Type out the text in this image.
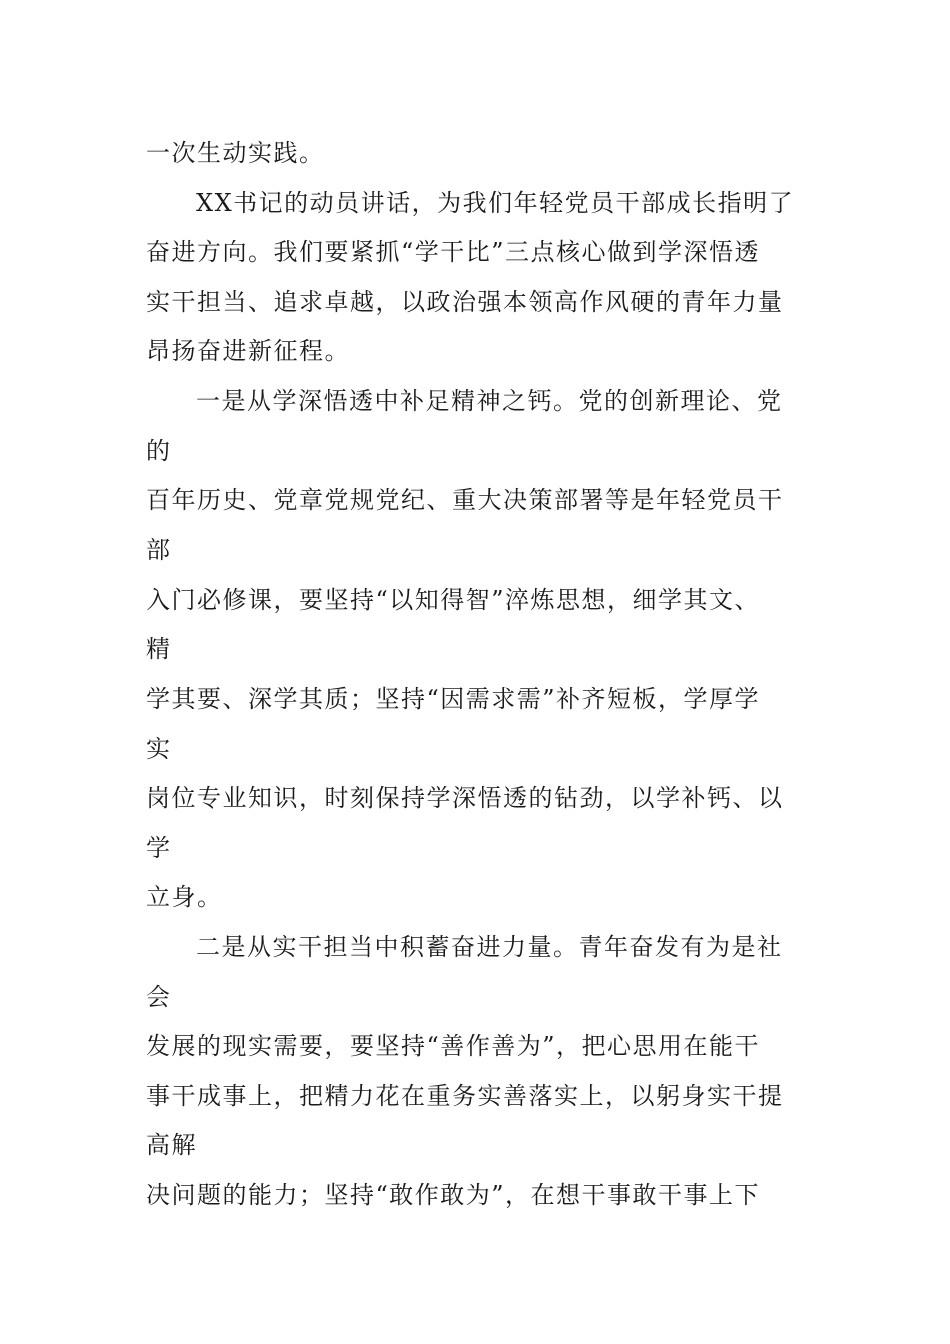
一次生动实践。
XX书记的动员讲话，为我们年轻党员干部成长指明了
奋进方向。我们要紧抓“学干比”三点核心做到学深悟透
实干担当、追求卓越，以政治强本领高作风硬的青年力量
昂扬奋进新征程。
一是从学深悟透中补足精神之钙。党的创新理论、党
的
百年历史、党章党规党纪、重大决策部署等是年轻党员干
部
入门必修课，要坚持“以知得智”淬炼思想，细学其文、
精
学其要、深学其质；坚持“因需求需”补齐短板，学厚学
实
岗位专业知识，时刻保持学深悟透的钻劲，以学补钙、以
学
立身。
二是从实干担当中积蓄奋进力量。青年奋发有为是社
会
发展的现实需要，要坚持“善作善为”，把心思用在能干
事干成事上，把精力花在重务实善落实上，以躬身实干提
高解
决问题的能力；坚持“敢作敢为”，在想干事敢干事上下
